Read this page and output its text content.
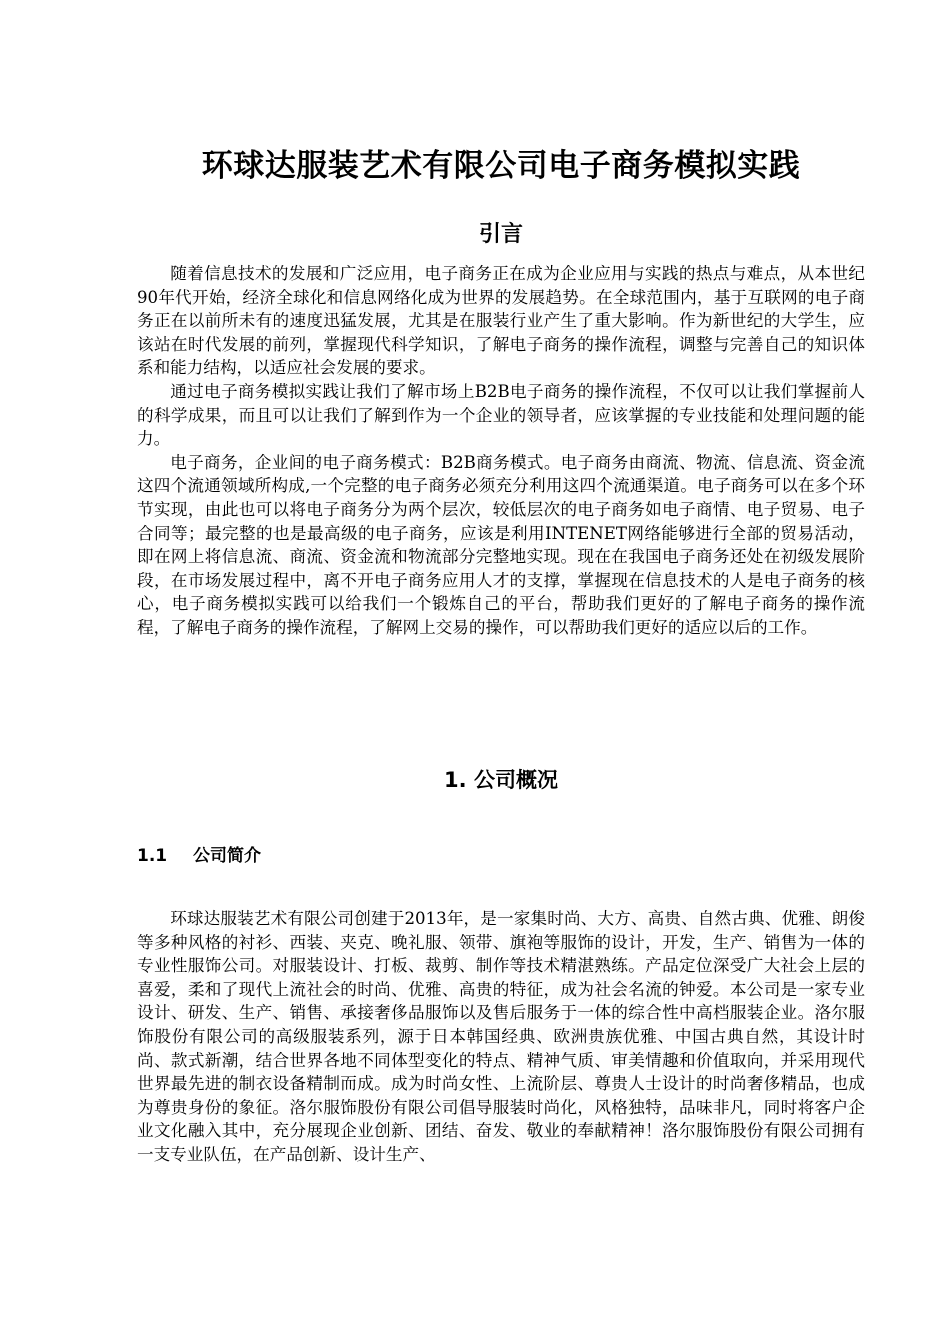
环球达服装艺术有限公司电子商务模拟实践
引言

随着信息技术的发展和广泛应用，电子商务正在成为企业应用与实践的热点与难点，从本世纪90年代开始，经济全球化和信息网络化成为世界的发展趋势。在全球范围内，基于互联网的电子商务正在以前所未有的速度迅猛发展，尤其是在服装行业产生了重大影响。作为新世纪的大学生，应该站在时代发展的前列，掌握现代科学知识，了解电子商务的操作流程，调整与完善自己的知识体系和能力结构，以适应社会发展的要求。

通过电子商务模拟实践让我们了解市场上B2B电子商务的操作流程，不仅可以让我们掌握前人的科学成果，而且可以让我们了解到作为一个企业的领导者，应该掌握的专业技能和处理问题的能力。

电子商务，企业间的电子商务模式：B2B商务模式。电子商务由商流、物流、信息流、资金流这四个流通领域所构成,一个完整的电子商务必须充分利用这四个流通渠道。电子商务可以在多个环节实现，由此也可以将电子商务分为两个层次，较低层次的电子商务如电子商情、电子贸易、电子合同等；最完整的也是最高级的电子商务，应该是利用INTENET网络能够进行全部的贸易活动，即在网上将信息流、商流、资金流和物流部分完整地实现。现在在我国电子商务还处在初级发展阶段，在市场发展过程中，离不开电子商务应用人才的支撑，掌握现在信息技术的人是电子商务的核心，电子商务模拟实践可以给我们一个锻炼自己的平台，帮助我们更好的了解电子商务的操作流程，了解电子商务的操作流程，了解网上交易的操作，可以帮助我们更好的适应以后的工作。

1. 公司概况
1.1 公司简介

环球达服装艺术有限公司创建于2013年，是一家集时尚、大方、高贵、自然古典、优雅、朗俊等多种风格的衬衫、西装、夹克、晚礼服、领带、旗袍等服饰的设计，开发，生产、销售为一体的专业性服饰公司。对服装设计、打板、裁剪、制作等技术精湛熟练。产品定位深受广大社会上层的喜爱，柔和了现代上流社会的时尚、优雅、高贵的特征，成为社会名流的钟爱。本公司是一家专业设计、研发、生产、销售、承接奢侈品服饰以及售后服务于一体的综合性中高档服装企业。洛尔服饰股份有限公司的高级服装系列，源于日本韩国经典、欧洲贵族优雅、中国古典自然，其设计时尚、款式新潮，结合世界各地不同体型变化的特点、精神气质、审美情趣和价值取向，并采用现代世界最先进的制衣设备精制而成。成为时尚女性、上流阶层、尊贵人士设计的时尚奢侈精品，也成为尊贵身份的象征。洛尔服饰股份有限公司倡导服装时尚化，风格独特，品味非凡，同时将客户企业文化融入其中，充分展现企业创新、团结、奋发、敬业的奉献精神！洛尔服饰股份有限公司拥有一支专业队伍，在产品创新、设计生产、
